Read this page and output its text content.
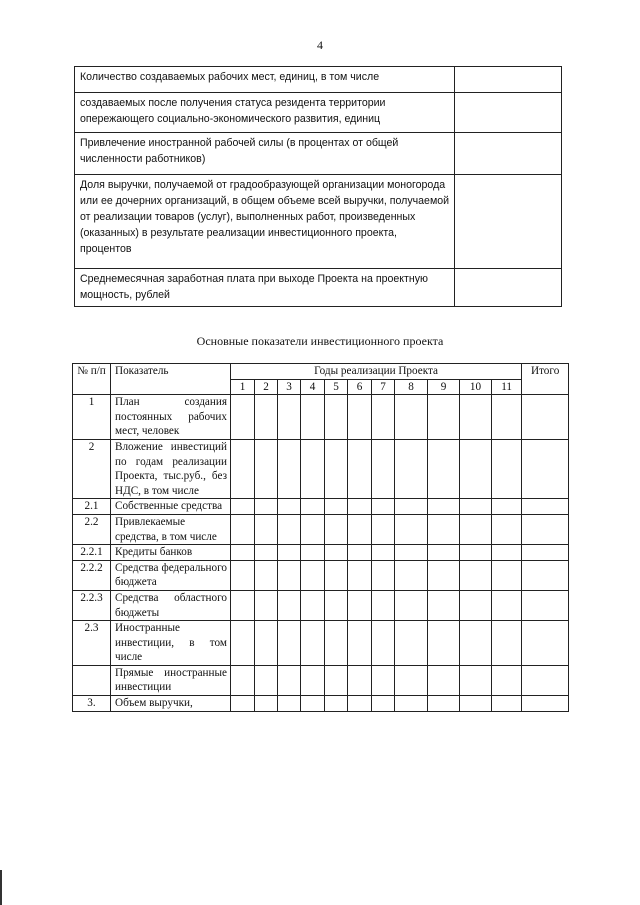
4
Количество создаваемых рабочих мест, единиц, в том числе	
создаваемых после получения статуса резидента территории опережающего социально-экономического развития, единиц	
Привлечение иностранной рабочей силы (в процентах от общей численности работников)	
Доля выручки, получаемой от градообразующей организации моногорода или ее дочерних организаций, в общем объеме всей выручки, получаемой от реализации товаров (услуг), выполненных работ, произведенных (оказанных) в результате реализации инвестиционного проекта, процентов	
Среднемесячная заработная плата при выходе Проекта на проектную мощность, рублей	
Основные показатели инвестиционного проекта
№ п/п	Показатель	Годы реализации Проекта											Итого
		1	2	3	4	5	6	7	8	9	10	11	
1	План создания постоянных рабочих мест, человек												
2	Вложение инвестиций по годам реализации Проекта, тыс.руб., без НДС, в том числе												
2.1	Собственные средства												
2.2	Привлекаемые средства, в том числе												
2.2.1	Кредиты банков												
2.2.2	Средства федерального бюджета												
2.2.3	Средства областного бюджеты												
2.3	Иностранные инвестиции, в том числе												
	Прямые иностранные инвестиции												
3.	Объем выручки,												
